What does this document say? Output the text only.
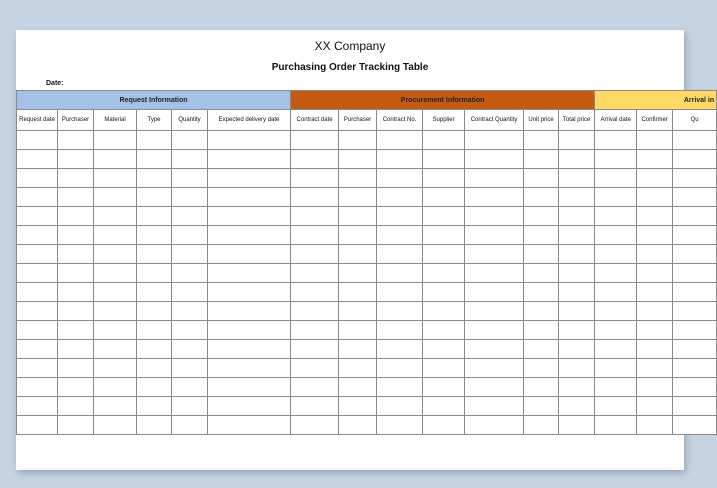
XX Company
Purchasing Order Tracking Table
Date:
Request Information						Procurement Information							Arrival in		
Request date	Purchaser	Material	Type	Quantity	Expected delivery date	Contract date	Purchaser	Contract No.	Supplier	Contract Quantity	Unit price	Total price	Arrival date	Confirmer	Qu
